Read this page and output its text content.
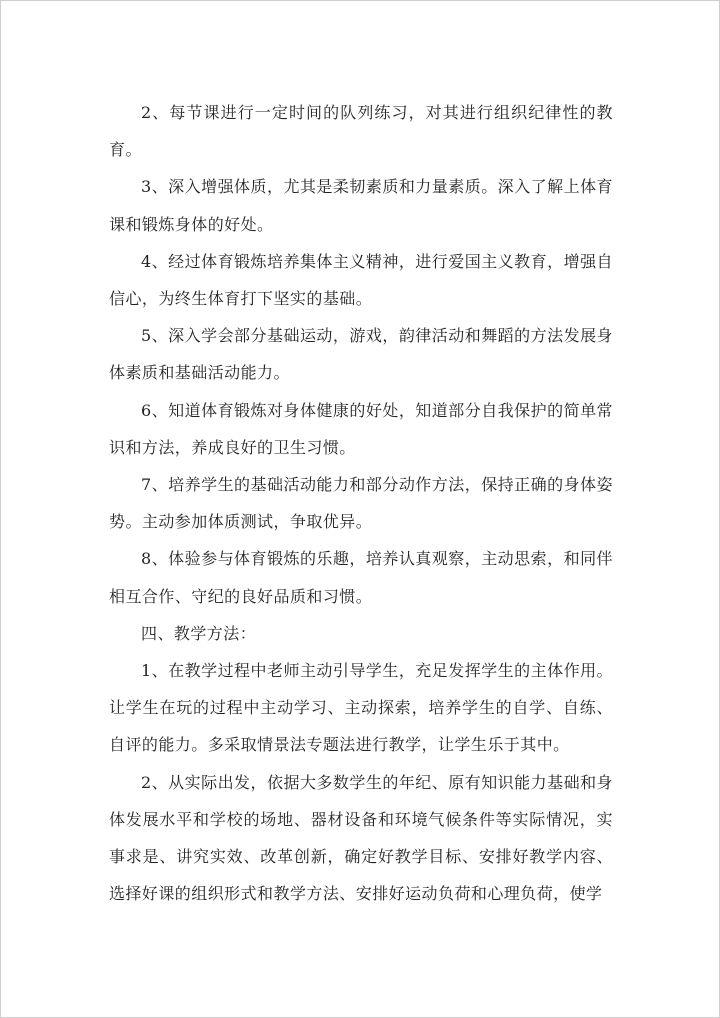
2、每节课进行一定时间的队列练习，对其进行组织纪律性的教育。

3、深入增强体质，尤其是柔韧素质和力量素质。深入了解上体育课和锻炼身体的好处。

4、经过体育锻炼培养集体主义精神，进行爱国主义教育，增强自信心，为终生体育打下坚实的基础。

5、深入学会部分基础运动，游戏，韵律活动和舞蹈的方法发展身体素质和基础活动能力。

6、知道体育锻炼对身体健康的好处，知道部分自我保护的简单常识和方法，养成良好的卫生习惯。

7、培养学生的基础活动能力和部分动作方法，保持正确的身体姿势。主动参加体质测试，争取优异。

8、体验参与体育锻炼的乐趣，培养认真观察，主动思索，和同伴相互合作、守纪的良好品质和习惯。

四、教学方法：

1、在教学过程中老师主动引导学生，充足发挥学生的主体作用。让学生在玩的过程中主动学习、主动探索，培养学生的自学、自练、自评的能力。多采取情景法专题法进行教学，让学生乐于其中。

2、从实际出发，依据大多数学生的年纪、原有知识能力基础和身体发展水平和学校的场地、器材设备和环境气候条件等实际情况，实事求是、讲究实效、改革创新，确定好教学目标、安排好教学内容、选择好课的组织形式和教学方法、安排好运动负荷和心理负荷，使学
